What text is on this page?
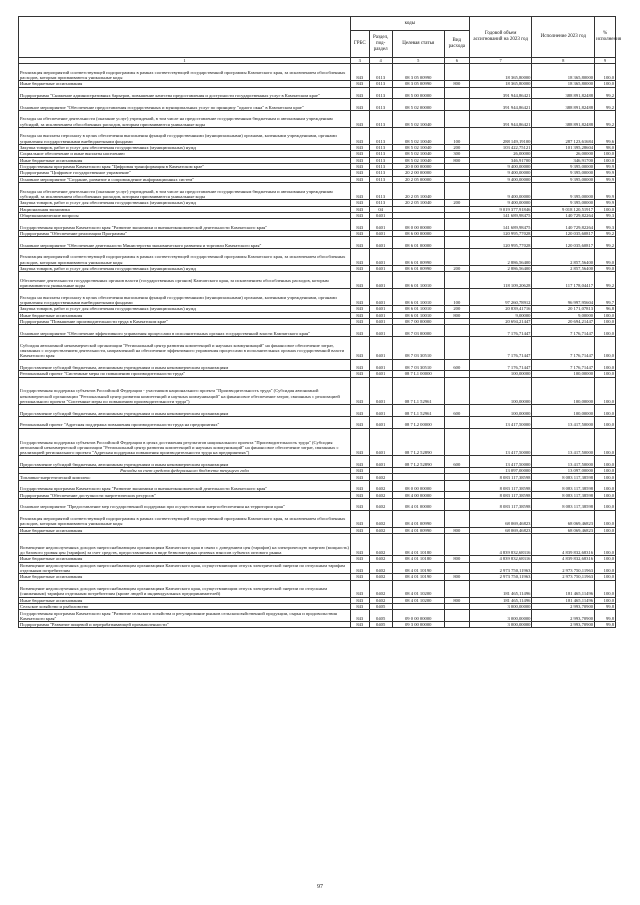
	коды				Годовой объем ассигнований на 2023 год	Исполнение 2023 год	% исполнения
	ГРБС	Раздел, под-раздел	Целевая статья	Вид расхода			
1	3	4	5	6	7	8	9
Реализация мероприятий соответствующей подпрограммы в рамках соответствующей государственной программы Камчатского края, за исключением обособленных расходов, которым присваиваются уникальные коды	843	0113	08 3 05 00990		18 365,80000	18 365,80000	100,0
Иные бюджетные ассигнования	843	0113	08 3 05 00990	800	18 365,80000	18 365,80000	100,0
Подпрограмма "Снижение административных барьеров, повышение качества предоставления и доступности государственных услуг в Камчатском крае"	843	0113	08 5 00 00000		391 944,86421	388 891,82488	99,2
Основное мероприятие "Обеспечение предоставления государственных и муниципальных услуг по принципу "одного окна" в Камчатском крае"	843	0113	08 5 02 00000		391 944,86421	388 891,82488	99,2
Расходы на обеспечение деятельности (оказание услуг) учреждений, в том числе на предоставление государственным бюджетным и автономным учреждениям субсидий, за исключением обособленных расходов, которым присваиваются уникальные коды	843	0113	08 5 02 10040		391 944,86421	388 891,82488	99,2
Расходы на выплаты персоналу в целях обеспечения выполнения функций государственными (муниципальными) органами, казенными учреждениями, органами управления государственными внебюджетными фондами	843	0113	08 5 02 10040	100	288 149,19100	287 123,61684	99,6
Закупка товаров, работ и услуг для обеспечения государственных (муниципальных) нужд	843	0113	08 5 02 10040	200	103 422,75121	101 395,28604	98,0
Социальное обеспечение и иные выплаты населению	843	0113	08 5 02 10040	300	26,00000	26,00000	100,0
Иные бюджетные ассигнования	843	0113	08 5 02 10040	800	346,91700	346,91700	100,0
Государственная программа Камчатского края "Цифровая трансформация в Камчатском крае"	843	0113	20 0 00 00000		9 400,00000	9 395,00000	99,9
Подпрограмма "Цифровое государственное управление"	843	0113	20 2 00 00000		9 400,00000	9 395,00000	99,9
Основное мероприятие "Создание, развитие и сопровождение информационных систем"	843	0113	20 2 05 00000		9 400,00000	9 395,00000	99,9
Расходы на обеспечение деятельности (оказание услуг) учреждений, в том числе на предоставление государственным бюджетным и автономным учреждениям субсидий, за исключением обособленных расходов, которым присваиваются уникальные коды	843	0113	20 2 05 10040		9 400,00000	9 395,00000	99,9
Закупка товаров, работ и услуг для обеспечения государственных (муниципальных) нужд	843	0113	20 2 05 10040	200	9 400,00000	9 395,00000	99,9
Национальная экономика	843	04			9 019 377,91846	9 018 120,51917	100,0
Общеэкономические вопросы	843	0401			141 689,98475	140 729,82264	99,3
Государственная программа Камчатского края "Развитие экономики и внешнеэкономической деятельности Камчатского края"	843	0401	08 0 00 00000		141 689,98475	140 729,82264	99,3
Подпрограмма "Обеспечение реализации Программы"	843	0401	08 6 00 00000		120 995,77028	120 035,60817	99,2
Основное мероприятие "Обеспечение деятельности Министерства экономического развития и торговли Камчатского края"	843	0401	08 6 01 00000		120 995,77028	120 035,60817	99,2
Реализация мероприятий соответствующей подпрограммы в рамках соответствующей государственной программы Камчатского края, за исключением обособленных расходов, которым присваиваются уникальные коды	843	0401	08 6 01 00990		2 886,56400	2 857,56400	99,0
Закупка товаров, работ и услуг для обеспечения государственных (муниципальных) нужд	843	0401	08 6 01 00990	200	2 886,56400	2 857,56400	99,0
Обеспечение деятельности государственных органов власти (государственных органов) Камчатского края, за исключением обособленных расходов, которым присваиваются уникальные коды	843	0401	08 6 01 10010		118 109,20628	117 178,04417	99,2
Расходы на выплаты персоналу в целях обеспечения выполнения функций государственными (муниципальными) органами, казенными учреждениями, органами управления государственными внебюджетными фондами	843	0401	08 6 01 10010	100	97 260,78912	96 997,95604	99,7
Закупка товаров, работ и услуг для обеспечения государственных (муниципальных) нужд	843	0401	08 6 01 10010	200	20 839,41716	20 171,07813	96,8
Иные бюджетные ассигнования	843	0401	08 6 01 10010	800	9,00000	9,00000	100,0
Подпрограмма "Повышение производительности труда в Камчатском крае"	843	0401	08 7 00 00000		20 694,21447	20 694,21447	100,0
Основное мероприятие "Обеспечение эффективного управления процессами в исполнительных органах государственной власти Камчатского края"	843	0401	08 7 03 00000		7 176,71447	7 176,71447	100,0
Субсидия автономной некоммерческой организации "Региональный центр развития компетенций и научных коммуникаций" на финансовое обеспечение затрат, связанных с осуществлением деятельности, направленной на обеспечение эффективного управления процессами в исполнительных органах государственной власти Камчатского края	843	0401	08 7 03 30510		7 176,71447	7 176,71447	100,0
Предоставление субсидий бюджетным, автономным учреждениям и иным некоммерческим организациям	843	0401	08 7 03 30510	600	7 176,71447	7 176,71447	100,0
Региональный проект "Системные меры по повышению производительности труда"	843	0401	08 7 L1 00000		100,00000	100,00000	100,0
Государственная поддержка субъектов Российской Федерации - участников национального проекта "Производительность труда" (Субсидия автономной некоммерческой организации "Региональный центр развития компетенций и научных коммуникаций" на финансовое обеспечение затрат, связанных с реализацией регионального проекта "Системные меры по повышению производительности труда")	843	0401	08 7 L1 52961		100,00000	100,00000	100,0
Предоставление субсидий бюджетным, автономным учреждениям и иным некоммерческим организациям	843	0401	08 7 L1 52961	600	100,00000	100,00000	100,0
Региональный проект "Адресная поддержка повышения производительности труда на предприятиях"	843	0401	08 7 L2 00000		13 417,50000	13 417,50000	100,0
Государственная поддержка субъектов Российской Федерации в целях достижения результатов национального проекта "Производительность труда" (Субсидия автономной некоммерческой организации "Региональный центр развития компетенций и научных коммуникаций" на финансовое обеспечение затрат, связанных с реализацией регионального проекта "Адресная поддержка повышения производительности труда на предприятиях")	843	0401	08 7 L2 52890		13 417,50000	13 417,50000	100,0
Предоставление субсидий бюджетным, автономным учреждениям и иным некоммерческим организациям	843	0401	08 7 L2 52890	600	13 417,50000	13 417,50000	100,0
Расходы за счет средств федерального бюджета текущего года	843				13 097,00000	13 097,00000	100,0
Топливно-энергетический комплекс	843	0402			8 083 117,38598	8 083 117,38598	100,0
Государственная программа Камчатского края "Развитие экономики и внешнеэкономической деятельности Камчатского края"	843	0402	08 0 00 00000		8 083 117,38598	8 083 117,38598	100,0
Подпрограмма "Обеспечение доступности энергетических ресурсов"	843	0402	08 4 00 00000		8 083 117,38598	8 083 117,38598	100,0
Основное мероприятие "Предоставление мер государственной поддержки при осуществлении энергообеспечения на территории края"	843	0402	08 4 01 00000		8 083 117,38598	8 083 117,38598	100,0
Реализация мероприятий соответствующей подпрограммы в рамках соответствующей государственной программы Камчатского края, за исключением обособленных расходов, которым присваиваются уникальные коды	843	0402	08 4 01 00990		68 069,46823	68 069,46823	100,0
Иные бюджетные ассигнования	843	0402	08 4 01 00990	800	68 069,46823	68 069,46823	100,0
Возмещение недополученных доходов энергоснабжающим организациям Камчатского края в связи с доведением цен (тарифов) на электрическую энергию (мощность) до базового уровня цен (тарифов) за счет средств, предоставляемых в виде безвозмездных целевых взносов субъекта оптового рынка	843	0402	08 4 01 10180		4 839 832,68316	4 839 832,68316	100,0
Иные бюджетные ассигнования	843	0402	08 4 01 10180	800	4 839 832,68316	4 839 832,68316	100,0
Возмещение недополученных доходов энергоснабжающим организациям Камчатского края, осуществляющим отпуск электрической энергии по отпускным тарифам отдельным потребителям	843	0402	08 4 01 10190		2 973 750,11963	2 973 750,11963	100,0
Иные бюджетные ассигнования	843	0402	08 4 01 10190	800	2 973 750,11963	2 973 750,11963	100,0
Возмещение недополученных доходов энергоснабжающим организациям Камчатского края, осуществляющим отпуск электрической энергии по отпускным (сниженным) тарифам отдельным потребителям (кроме людей и индивидуальных предпринимателей)	843	0402	08 4 01 10200		181 465,11496	181 465,11496	100,0
Иные бюджетные ассигнования	843	0402	08 4 01 10200	800	181 465,11496	181 465,11496	100,0
Сельское хозяйство и рыболовство	843	0405			3 000,00000	2 993,70900	99,8
Государственная программа Камчатского края "Развитие сельского хозяйства и регулирование рынков сельскохозяйственной продукции, сырья и продовольствия Камчатского края"	843	0405	09 0 00 00000		3 000,00000	2 993,70900	99,8
Подпрограмма "Развитие пищевой и перерабатывающей промышленности"	843	0405	09 3 00 00000		3 000,00000	2 993,70900	99,8
97
